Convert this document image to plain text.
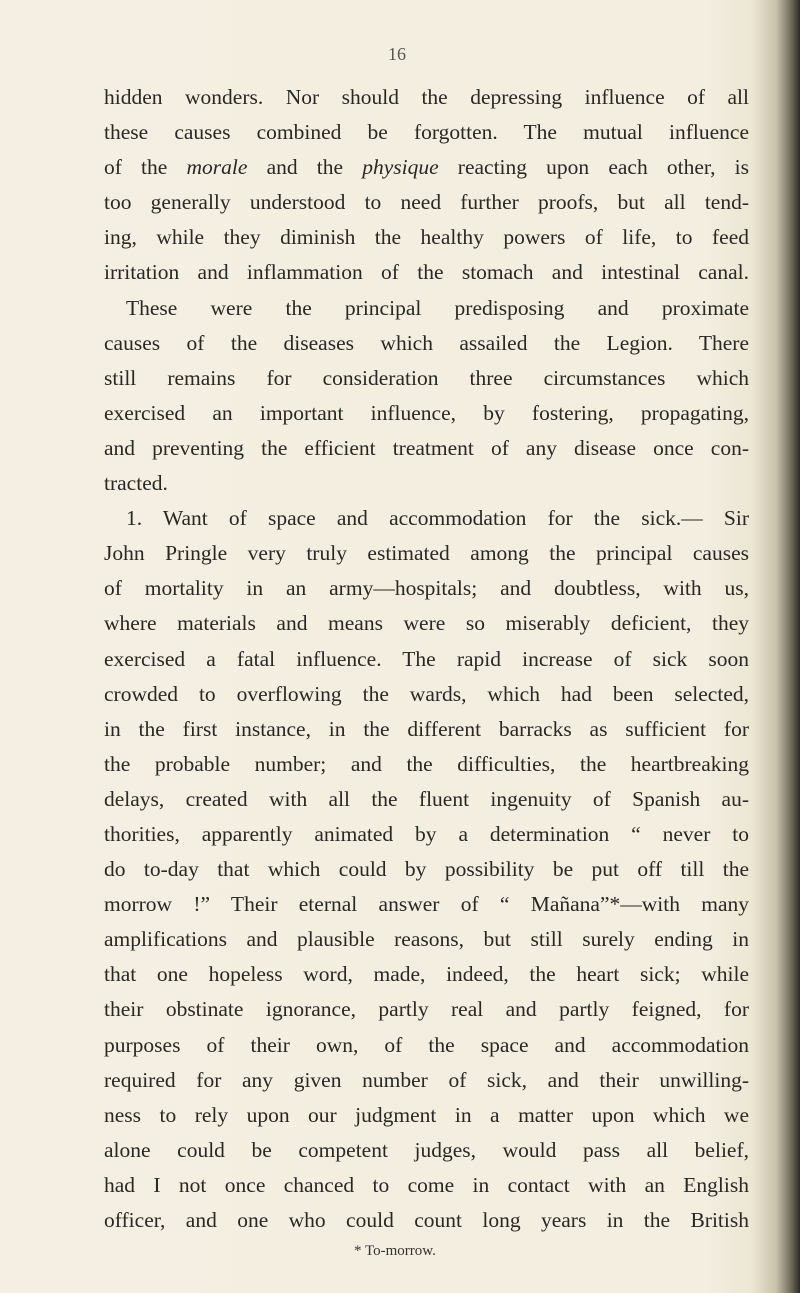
16
hidden wonders. Nor should the depressing influence of all
these causes combined be forgotten. The mutual influence
of the morale and the physique reacting upon each other, is
too generally understood to need further proofs, but all tend-
ing, while they diminish the healthy powers of life, to feed
irritation and inflammation of the stomach and intestinal canal.
These were the principal predisposing and proximate
causes of the diseases which assailed the Legion. There
still remains for consideration three circumstances which
exercised an important influence, by fostering, propagating,
and preventing the efficient treatment of any disease once con-
tracted.
1. Want of space and accommodation for the sick.— Sir
John Pringle very truly estimated among the principal causes
of mortality in an army—hospitals; and doubtless, with us,
where materials and means were so miserably deficient, they
exercised a fatal influence. The rapid increase of sick soon
crowded to overflowing the wards, which had been selected,
in the first instance, in the different barracks as sufficient for
the probable number; and the difficulties, the heartbreaking
delays, created with all the fluent ingenuity of Spanish au-
thorities, apparently animated by a determination “ never to
do to-day that which could by possibility be put off till the
morrow !” Their eternal answer of “ Mañana”*—with many
amplifications and plausible reasons, but still surely ending in
that one hopeless word, made, indeed, the heart sick; while
their obstinate ignorance, partly real and partly feigned, for
purposes of their own, of the space and accommodation
required for any given number of sick, and their unwilling-
ness to rely upon our judgment in a matter upon which we
alone could be competent judges, would pass all belief,
had I not once chanced to come in contact with an English
officer, and one who could count long years in the British
* To-morrow.
